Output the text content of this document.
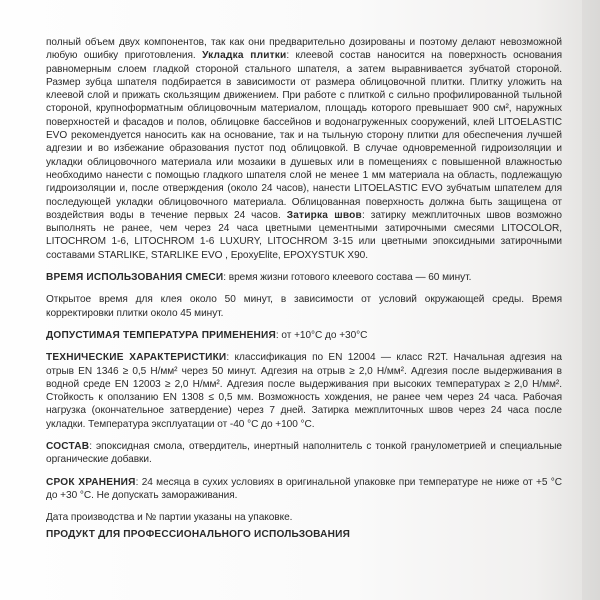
полный объем двух компонентов, так как они предварительно дозированы и поэтому делают невозможной любую ошибку приготовления. Укладка плитки: клеевой состав наносится на поверхность основания равномерным слоем гладкой стороной стального шпателя, а затем выравнивается зубчатой стороной. Размер зубца шпателя подбирается в зависимости от размера облицовочной плитки. Плитку уложить на клеевой слой и прижать скользящим движением. При работе с плиткой с сильно профилированной тыльной стороной, крупноформатным облицовочным материалом, площадь которого превышает 900 см², наружных поверхностей и фасадов и полов, облицовке бассейнов и водонагруженных сооружений, клей LITOELASTIC EVO рекомендуется наносить как на основание, так и на тыльную сторону плитки для обеспечения лучшей адгезии и во избежание образования пустот под облицовкой. В случае одновременной гидроизоляции и укладки облицовочного материала или мозаики в душевых или в помещениях с повышенной влажностью необходимо нанести с помощью гладкого шпателя слой не менее 1 мм материала на область, подлежащую гидроизоляции и, после отверждения (около 24 часов), нанести LITOELASTIC EVO зубчатым шпателем для последующей укладки облицовочного материала. Облицованная поверхность должна быть защищена от воздействия воды в течение первых 24 часов. Затирка швов: затирку межплиточных швов возможно выполнять не ранее, чем через 24 часа цветными цементными затирочными смесями LITOCOLOR, LITOCHROM 1-6, LITOCHROM 1-6 LUXURY, LITOCHROM 3-15 или цветными эпоксидными затирочными составами STARLIKE, STARLIKE EVO , EpoxyElite, EPOXYSTUK X90.

ВРЕМЯ ИСПОЛЬЗОВАНИЯ СМЕСИ: время жизни готового клеевого состава — 60 минут.

Открытое время для клея около 50 минут, в зависимости от условий окружающей среды. Время корректировки плитки около 45 минут.

ДОПУСТИМАЯ ТЕМПЕРАТУРА ПРИМЕНЕНИЯ: от +10°С до +30°С

ТЕХНИЧЕСКИЕ ХАРАКТЕРИСТИКИ: классификация по EN 12004 — класс R2T. Начальная адгезия на отрыв EN 1346 ≥ 0,5 Н/мм² через 50 минут. Адгезия на отрыв ≥ 2,0 Н/мм². Адгезия после выдерживания в водной среде EN 12003 ≥ 2,0 Н/мм². Адгезия после выдерживания при высоких температурах ≥ 2,0 Н/мм². Стойкость к оползанию EN 1308 ≤ 0,5 мм. Возможность хождения, не ранее чем через 24 часа. Рабочая нагрузка (окончательное затвердение) через 7 дней. Затирка межплиточных швов через 24 часа после укладки. Температура эксплуатации от -40 °С до +100 °С.

СОСТАВ: эпоксидная смола, отвердитель, инертный наполнитель с тонкой гранулометрией и специальные органические добавки.

СРОК ХРАНЕНИЯ: 24 месяца в сухих условиях в оригинальной упаковке при температуре не ниже от +5 °С до +30 °С. Не допускать замораживания.

Дата производства и № партии указаны на упаковке.

ПРОДУКТ ДЛЯ ПРОФЕССИОНАЛЬНОГО ИСПОЛЬЗОВАНИЯ
